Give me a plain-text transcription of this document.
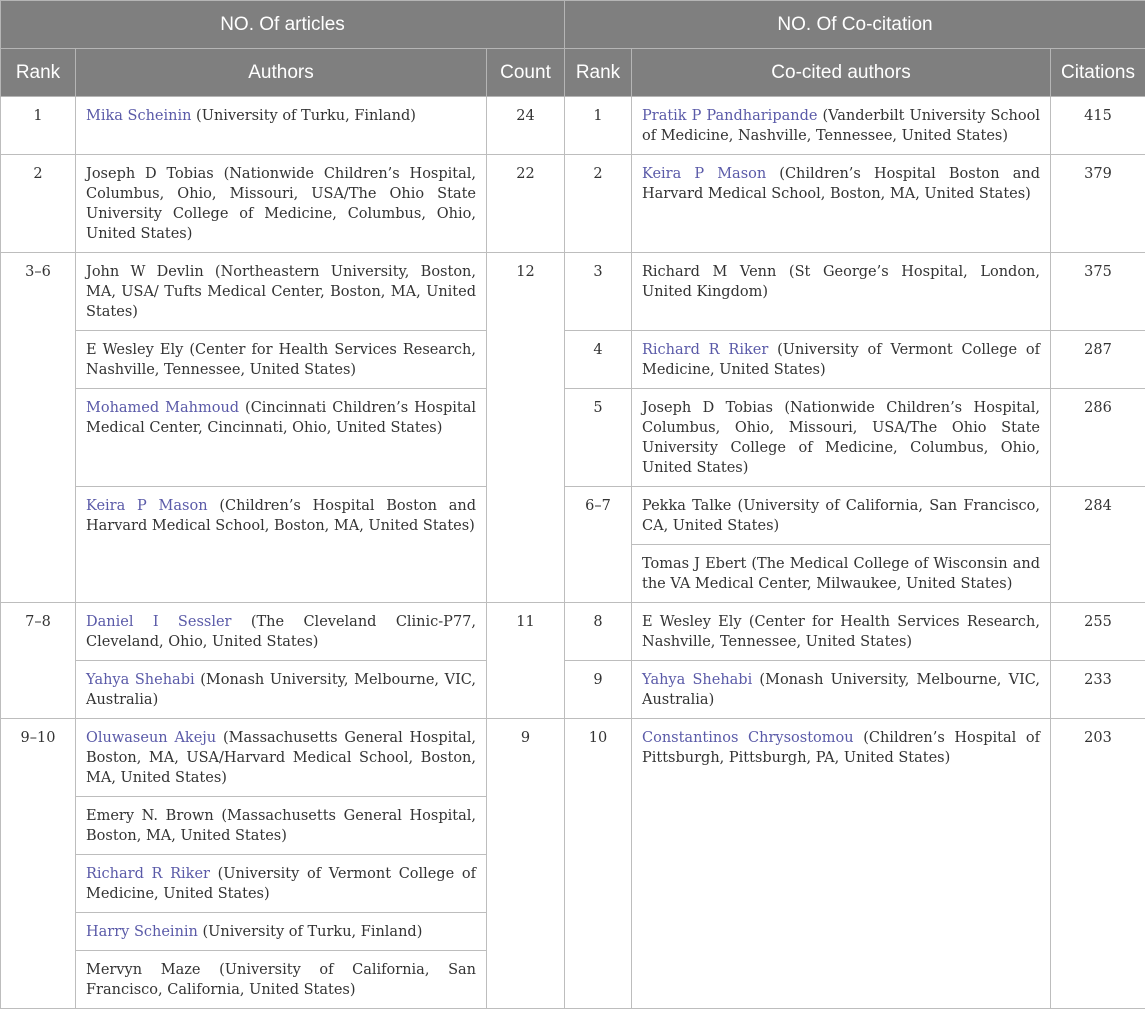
NO. Of articles			NO. Of Co-citation		
Rank	Authors	Count	Rank	Co-cited authors	Citations
1	Mika Scheinin (University of Turku, Finland)	24	1	Pratik P Pandharipande (Vanderbilt University School of Medicine, Nashville, Tennessee, United States)	415
2	Joseph D Tobias (Nationwide Children’s Hospital, Columbus, Ohio, Missouri, USA/The Ohio State University College of Medicine, Columbus, Ohio, United States)	22	2	Keira P Mason (Children’s Hospital Boston and Harvard Medical School, Boston, MA, United States)	379
3–6	John W Devlin (Northeastern University, Boston, MA, USA/ Tufts Medical Center, Boston, MA, United States)	12	3	Richard M Venn (St George’s Hospital, London, United Kingdom)	375
	E Wesley Ely (Center for Health Services Research, Nashville, Tennessee, United States)		4	Richard R Riker (University of Vermont College of Medicine, United States)	287
	Mohamed Mahmoud (Cincinnati Children’s Hospital Medical Center, Cincinnati, Ohio, United States)		5	Joseph D Tobias (Nationwide Children’s Hospital, Columbus, Ohio, Missouri, USA/The Ohio State University College of Medicine, Columbus, Ohio, United States)	286
	Keira P Mason (Children’s Hospital Boston and Harvard Medical School, Boston, MA, United States)		6–7	Pekka Talke (University of California, San Francisco, CA, United States)	284
				Tomas J Ebert (The Medical College of Wisconsin and the VA Medical Center, Milwaukee, United States)	
7–8	Daniel I Sessler (The Cleveland Clinic-P77, Cleveland, Ohio, United States)	11	8	E Wesley Ely (Center for Health Services Research, Nashville, Tennessee, United States)	255
	Yahya Shehabi (Monash University, Melbourne, VIC, Australia)		9	Yahya Shehabi (Monash University, Melbourne, VIC, Australia)	233
9–10	Oluwaseun Akeju (Massachusetts General Hospital, Boston, MA, USA/Harvard Medical School, Boston, MA, United States)	9	10	Constantinos Chrysostomou (Children’s Hospital of Pittsburgh, Pittsburgh, PA, United States)	203
	Emery N. Brown (Massachusetts General Hospital, Boston, MA, United States)				
	Richard R Riker (University of Vermont College of Medicine, United States)				
	Harry Scheinin (University of Turku, Finland)				
	Mervyn Maze (University of California, San Francisco, California, United States)				
